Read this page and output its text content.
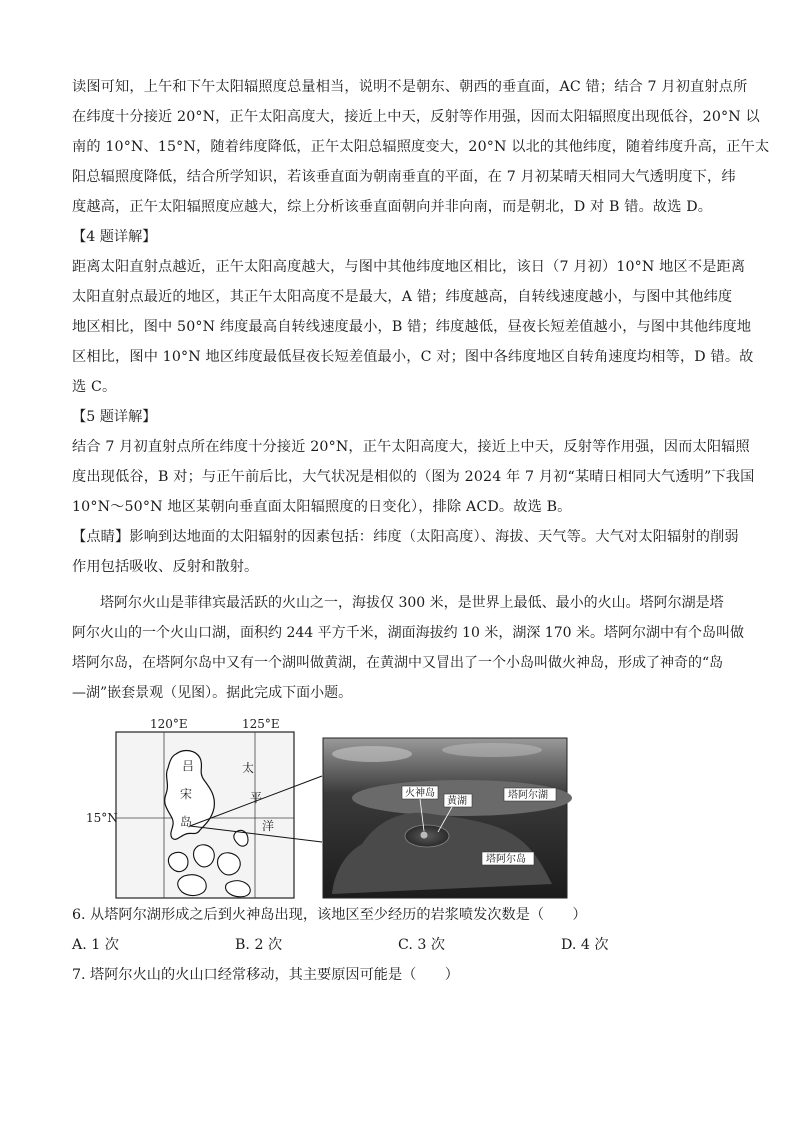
读图可知，上午和下午太阳辐照度总量相当，说明不是朝东、朝西的垂直面，AC 错；结合 7 月初直射点所
在纬度十分接近 20°N，正午太阳高度大，接近上中天，反射等作用强，因而太阳辐照度出现低谷，20°N 以
南的 10°N、15°N，随着纬度降低，正午太阳总辐照度变大，20°N 以北的其他纬度，随着纬度升高，正午太
阳总辐照度降低，结合所学知识，若该垂直面为朝南垂直的平面，在 7 月初某晴天相同大气透明度下，纬
度越高，正午太阳辐照度应越大，综上分析该垂直面朝向并非向南，而是朝北，D 对 B 错。故选 D。

【4 题详解】

距离太阳直射点越近，正午太阳高度越大，与图中其他纬度地区相比，该日（7 月初）10°N 地区不是距离
太阳直射点最近的地区，其正午太阳高度不是最大，A 错；纬度越高，自转线速度越小，与图中其他纬度
地区相比，图中 50°N 纬度最高自转线速度最小，B 错；纬度越低，昼夜长短差值越小，与图中其他纬度地
区相比，图中 10°N 地区纬度最低昼夜长短差值最小，C 对；图中各纬度地区自转角速度均相等，D 错。故
选 C。

【5 题详解】

结合 7 月初直射点所在纬度十分接近 20°N，正午太阳高度大，接近上中天，反射等作用强，因而太阳辐照
度出现低谷，B 对；与正午前后比，大气状况是相似的（图为 2024 年 7 月初“某晴日相同大气透明”下我国
10°N～50°N 地区某朝向垂直面太阳辐照度的日变化），排除 ACD。故选 B。

【点睛】影响到达地面的太阳辐射的因素包括：纬度（太阳高度）、海拔、天气等。大气对太阳辐射的削弱
作用包括吸收、反射和散射。

塔阿尔火山是菲律宾最活跃的火山之一，海拔仅 300 米，是世界上最低、最小的火山。塔阿尔湖是塔
阿尔火山的一个火山口湖，面积约 244 平方千米，湖面海拔约 10 米，湖深 170 米。塔阿尔湖中有个岛叫做
塔阿尔岛，在塔阿尔岛中又有一个湖叫做黄湖，在黄湖中又冒出了一个小岛叫做火神岛，形成了神奇的“岛
—湖”嵌套景观（见图）。据此完成下面小题。

120°E	125°E
15°N
吕
宋
岛
太
平
洋
火神岛
黄湖
塔阿尔湖
塔阿尔岛

6. 从塔阿尔湖形成之后到火神岛出现，该地区至少经历的岩浆喷发次数是（　　）

A. 1 次	B. 2 次	C. 3 次	D. 4 次

7. 塔阿尔火山的火山口经常移动，其主要原因可能是（　　）
